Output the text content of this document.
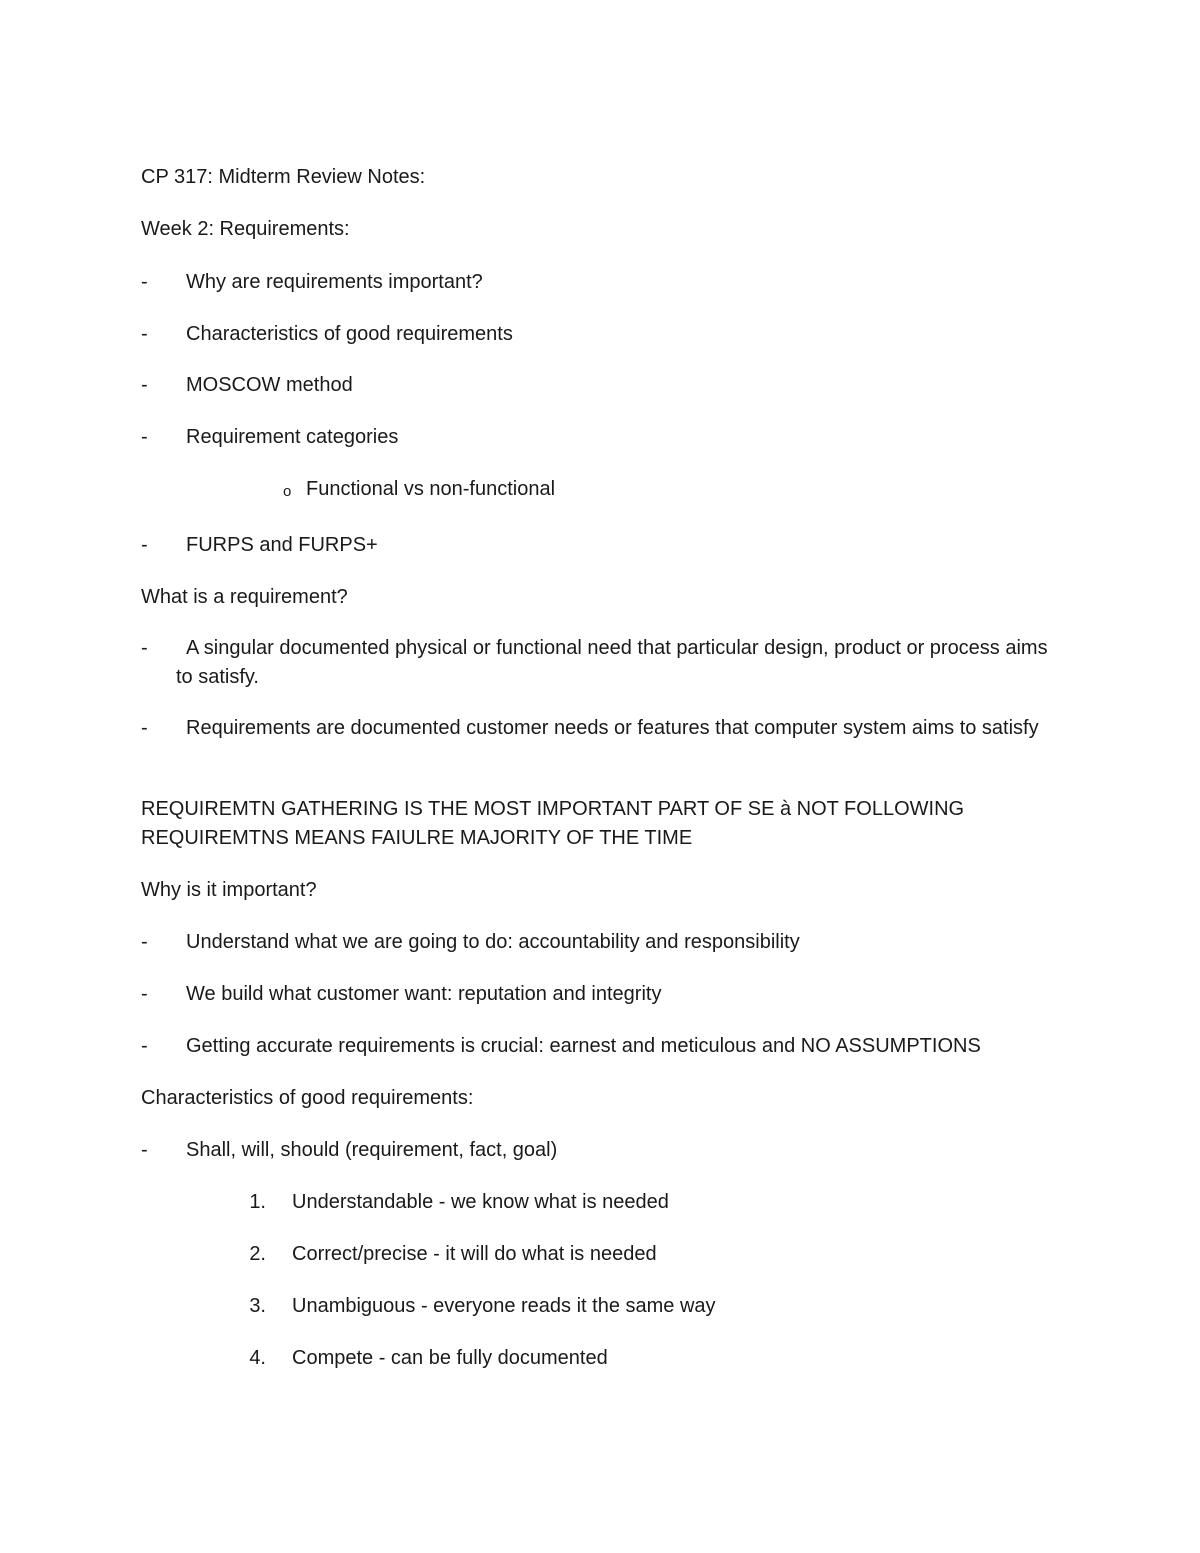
CP 317: Midterm Review Notes:
Week 2: Requirements:
- Why are requirements important?
- Characteristics of good requirements
- MOSCOW method
- Requirement categories
o Functional vs non-functional
- FURPS and FURPS+
What is a requirement?
-	A singular documented physical or functional need that particular design, product or process aims to satisfy.
-	Requirements are documented customer needs or features that computer system aims to satisfy
REQUIREMTN GATHERING IS THE MOST IMPORTANT PART OF SE à NOT FOLLOWING REQUIREMTNS MEANS FAIULRE MAJORITY OF THE TIME
Why is it important?
- Understand what we are going to do: accountability and responsibility
- We build what customer want: reputation and integrity
- Getting accurate requirements is crucial: earnest and meticulous and NO ASSUMPTIONS
Characteristics of good requirements:
- Shall, will, should (requirement, fact, goal)
1. Understandable - we know what is needed
2. Correct/precise - it will do what is needed
3. Unambiguous - everyone reads it the same way
4. Compete - can be fully documented
